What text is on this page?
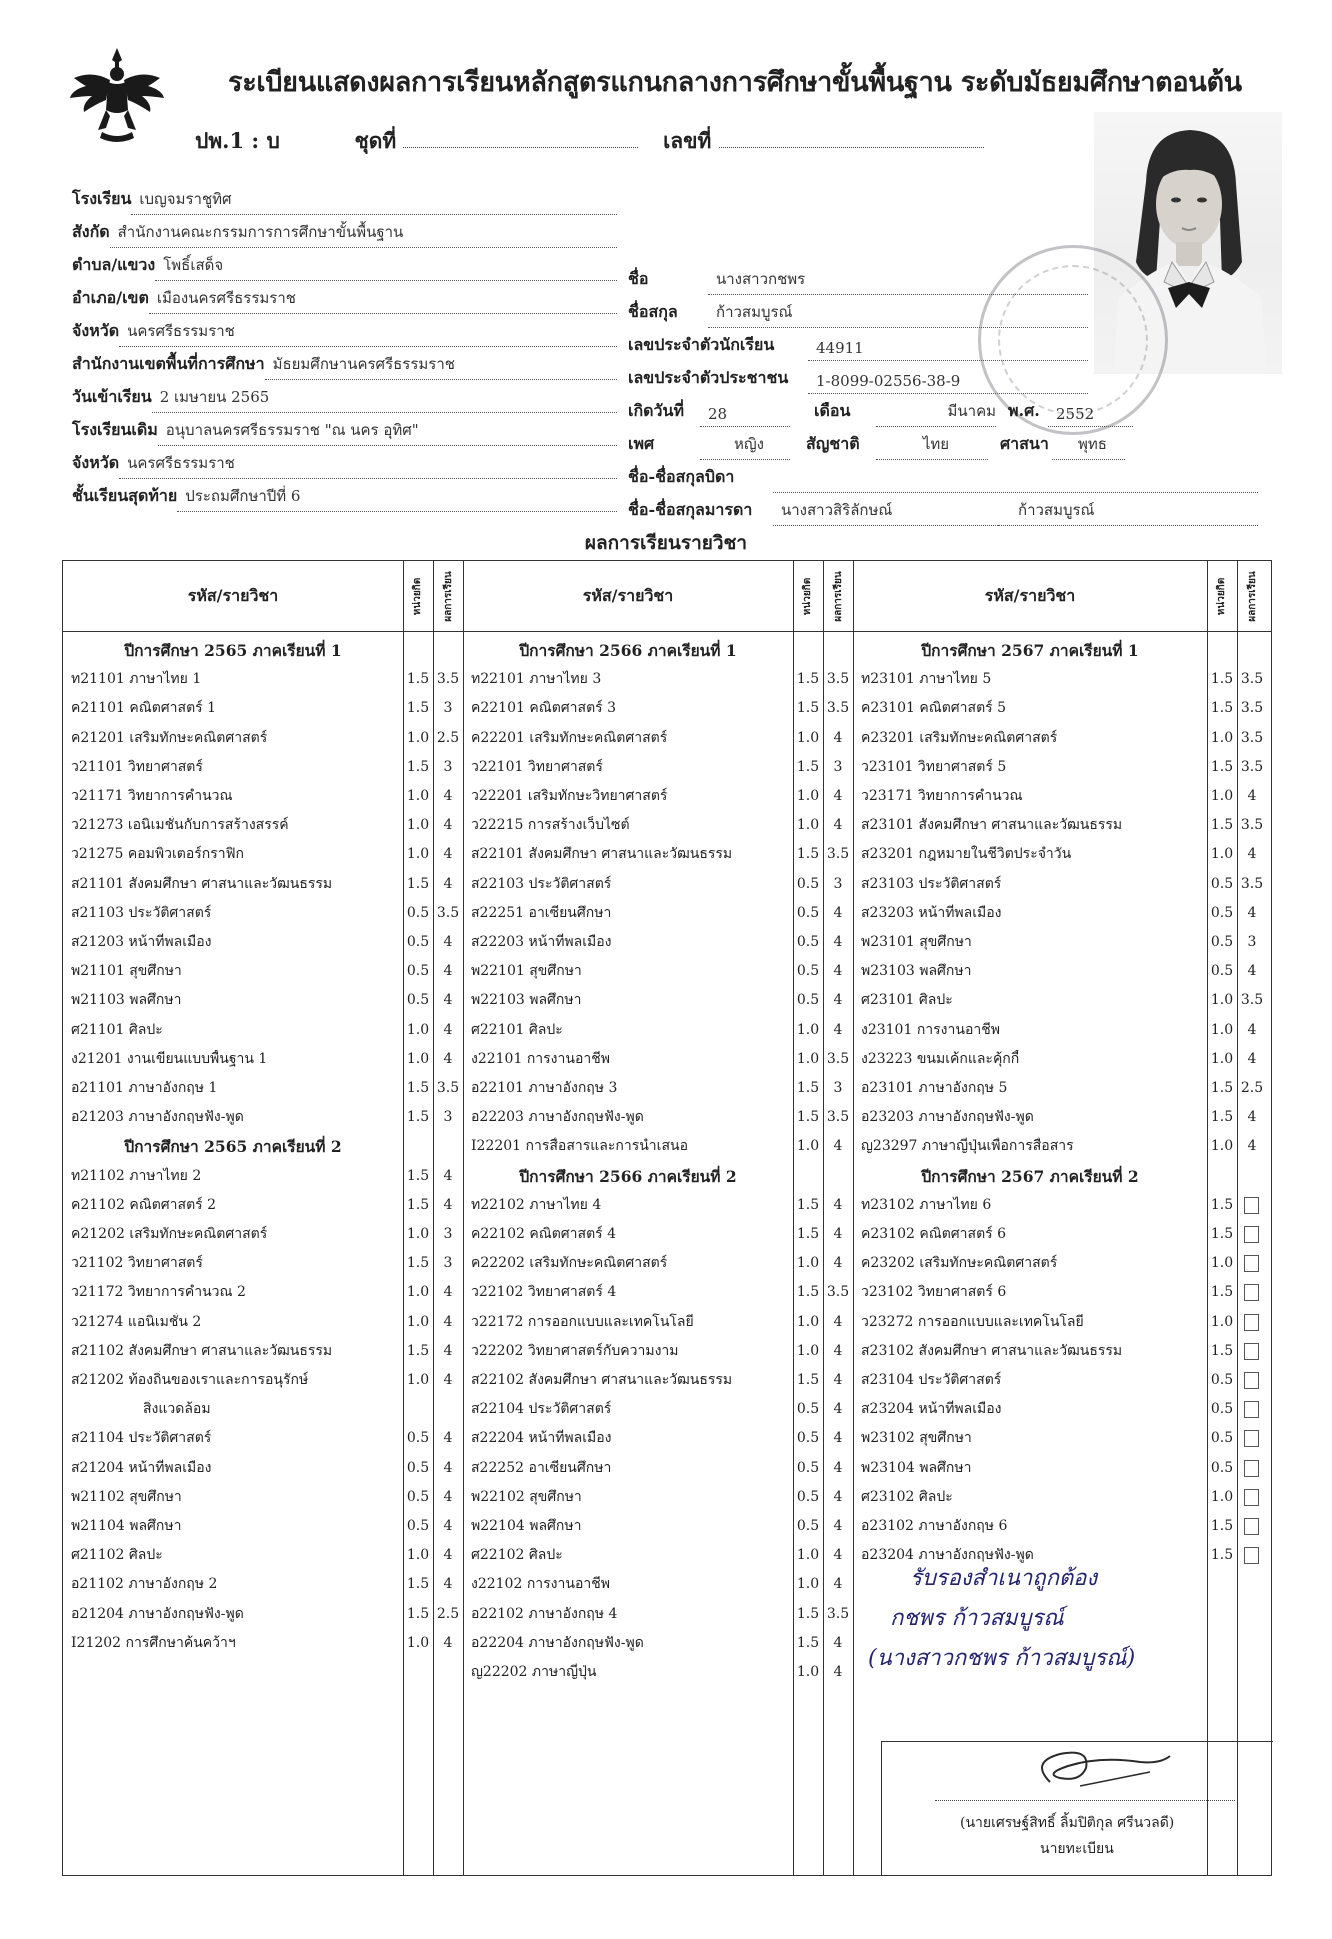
ระเบียนแสดงผลการเรียนหลักสูตรแกนกลางการศึกษาขั้นพื้นฐาน ระดับมัธยมศึกษาตอนต้น
ปพ.1 : บ	ชุดที่	เลขที่
โรงเรียน เบญจมราชูทิศ
สังกัด สำนักงานคณะกรรมการการศึกษาขั้นพื้นฐาน
ตำบล/แขวง โพธิ์เสด็จ
อำเภอ/เขต เมืองนครศรีธรรมราช
จังหวัด นครศรีธรรมราช
สำนักงานเขตพื้นที่การศึกษา มัธยมศึกษานครศรีธรรมราช
วันเข้าเรียน 2 เมษายน 2565
โรงเรียนเดิม อนุบาลนครศรีธรรมราช "ณ นคร อุทิศ"
จังหวัด นครศรีธรรมราช
ชั้นเรียนสุดท้าย ประถมศึกษาปีที่ 6
ชื่อ	นางสาวกชพร
ชื่อสกุล	ก้าวสมบูรณ์
เลขประจำตัวนักเรียน	44911
เลขประจำตัวประชาชน	1-8099-02556-38-9
เกิดวันที่	28	เดือน	มีนาคม พ.ศ.	2552
เพศ	หญิง	สัญชาติ	ไทย	ศาสนา	พุทธ
ชื่อ-ชื่อสกุลบิดา
ชื่อ-ชื่อสกุลมารดา	นางสาวสิริลักษณ์	ก้าวสมบูรณ์
ผลการเรียนรายวิชา
รหัส/รายวิชา	หน่วยกิต ผลการเรียน	รหัส/รายวิชา	หน่วยกิต ผลการเรียน	รหัส/รายวิชา	หน่วยกิต ผลการเรียน
ปีการศึกษา 2565 ภาคเรียนที่ 1
ท21101 ภาษาไทย 1	1.5 3.5
ค21101 คณิตศาสตร์ 1	1.5	3
ค21201 เสริมทักษะคณิตศาสตร์	1.0 2.5
ว21101 วิทยาศาสตร์	1.5	3
ว21171 วิทยาการคำนวณ	1.0	4
ว21273 เอนิเมชั่นกับการสร้างสรรค์	1.0	4
ว21275 คอมพิวเตอร์กราฟิก	1.0	4
ส21101 สังคมศึกษา ศาสนาและวัฒนธรรม	1.5	4
ส21103 ประวัติศาสตร์	0.5 3.5
ส21203 หน้าที่พลเมือง	0.5	4
พ21101 สุขศึกษา	0.5	4
พ21103 พลศึกษา	0.5	4
ศ21101 ศิลปะ	1.0	4
ง21201 งานเขียนแบบพื้นฐาน 1	1.0	4
อ21101 ภาษาอังกฤษ 1	1.5 3.5
อ21203 ภาษาอังกฤษฟัง-พูด	1.5	3
ปีการศึกษา 2565 ภาคเรียนที่ 2
ท21102 ภาษาไทย 2	1.5	4
ค21102 คณิตศาสตร์ 2	1.5	4
ค21202 เสริมทักษะคณิตศาสตร์	1.0	3
ว21102 วิทยาศาสตร์	1.5	3
ว21172 วิทยาการคำนวณ 2	1.0	4
ว21274 แอนิเมชั่น 2	1.0	4
ส21102 สังคมศึกษา ศาสนาและวัฒนธรรม	1.5	4
ส21202 ท้องถิ่นของเราและการอนุรักษ์	1.0	4
สิ่งแวดล้อม
ส21104 ประวัติศาสตร์	0.5	4
ส21204 หน้าที่พลเมือง	0.5	4
พ21102 สุขศึกษา	0.5	4
พ21104 พลศึกษา	0.5	4
ศ21102 ศิลปะ	1.0	4
อ21102 ภาษาอังกฤษ 2	1.5	4
อ21204 ภาษาอังกฤษฟัง-พูด	1.5 2.5
I21202 การศึกษาค้นคว้าฯ	1.0	4
ปีการศึกษา 2566 ภาคเรียนที่ 1
ท22101 ภาษาไทย 3	1.5 3.5
ค22101 คณิตศาสตร์ 3	1.5 3.5
ค22201 เสริมทักษะคณิตศาสตร์	1.0	4
ว22101 วิทยาศาสตร์	1.5	3
ว22201 เสริมทักษะวิทยาศาสตร์	1.0	4
ว22215 การสร้างเว็บไซต์	1.0	4
ส22101 สังคมศึกษา ศาสนาและวัฒนธรรม	1.5 3.5
ส22103 ประวัติศาสตร์	0.5	3
ส22251 อาเซียนศึกษา	0.5	4
ส22203 หน้าที่พลเมือง	0.5	4
พ22101 สุขศึกษา	0.5	4
พ22103 พลศึกษา	0.5	4
ศ22101 ศิลปะ	1.0	4
ง22101 การงานอาชีพ	1.0 3.5
อ22101 ภาษาอังกฤษ 3	1.5	3
อ22203 ภาษาอังกฤษฟัง-พูด	1.5 3.5
I22201 การสื่อสารและการนำเสนอ	1.0	4
ปีการศึกษา 2566 ภาคเรียนที่ 2
ท22102 ภาษาไทย 4	1.5	4
ค22102 คณิตศาสตร์ 4	1.5	4
ค22202 เสริมทักษะคณิตศาสตร์	1.0	4
ว22102 วิทยาศาสตร์ 4	1.5 3.5
ว22172 การออกแบบและเทคโนโลยี	1.0	4
ว22202 วิทยาศาสตร์กับความงาม	1.0	4
ส22102 สังคมศึกษา ศาสนาและวัฒนธรรม	1.5	4
ส22104 ประวัติศาสตร์	0.5	4
ส22204 หน้าที่พลเมือง	0.5	4
ส22252 อาเซียนศึกษา	0.5	4
พ22102 สุขศึกษา	0.5	4
พ22104 พลศึกษา	0.5	4
ศ22102 ศิลปะ	1.0	4
ง22102 การงานอาชีพ	1.0	4
อ22102 ภาษาอังกฤษ 4	1.5 3.5
อ22204 ภาษาอังกฤษฟัง-พูด	1.5	4
ญ22202 ภาษาญี่ปุ่น	1.0	4
ปีการศึกษา 2567 ภาคเรียนที่ 1
ท23101 ภาษาไทย 5	1.5 3.5
ค23101 คณิตศาสตร์ 5	1.5 3.5
ค23201 เสริมทักษะคณิตศาสตร์	1.0 3.5
ว23101 วิทยาศาสตร์ 5	1.5 3.5
ว23171 วิทยาการคำนวณ	1.0	4
ส23101 สังคมศึกษา ศาสนาและวัฒนธรรม	1.5 3.5
ส23201 กฎหมายในชีวิตประจำวัน	1.0	4
ส23103 ประวัติศาสตร์	0.5 3.5
ส23203 หน้าที่พลเมือง	0.5	4
พ23101 สุขศึกษา	0.5	3
พ23103 พลศึกษา	0.5	4
ศ23101 ศิลปะ	1.0 3.5
ง23101 การงานอาชีพ	1.0	4
ง23223 ขนมเค้กและคุ้กกี้	1.0	4
อ23101 ภาษาอังกฤษ 5	1.5 2.5
อ23203 ภาษาอังกฤษฟัง-พูด	1.5	4
ญ23297 ภาษาญี่ปุ่นเพื่อการสื่อสาร	1.0	4
ปีการศึกษา 2567 ภาคเรียนที่ 2
ท23102 ภาษาไทย 6	1.5
ค23102 คณิตศาสตร์ 6	1.5
ค23202 เสริมทักษะคณิตศาสตร์	1.0
ว23102 วิทยาศาสตร์ 6	1.5
ว23272 การออกแบบและเทคโนโลยี	1.0
ส23102 สังคมศึกษา ศาสนาและวัฒนธรรม	1.5
ส23104 ประวัติศาสตร์	0.5
ส23204 หน้าที่พลเมือง	0.5
พ23102 สุขศึกษา	0.5
พ23104 พลศึกษา	0.5
ศ23102 ศิลปะ	1.0
อ23102 ภาษาอังกฤษ 6	1.5
อ23204 ภาษาอังกฤษฟัง-พูด	1.5
(นายเศรษฐ์สิทธิ์ ลิ้มปิติกุล ศรีนวลดี)
นายทะเบียน
รับรองสำเนาถูกต้อง
กชพร ก้าวสมบูรณ์
(นางสาวกชพร ก้าวสมบูรณ์)
